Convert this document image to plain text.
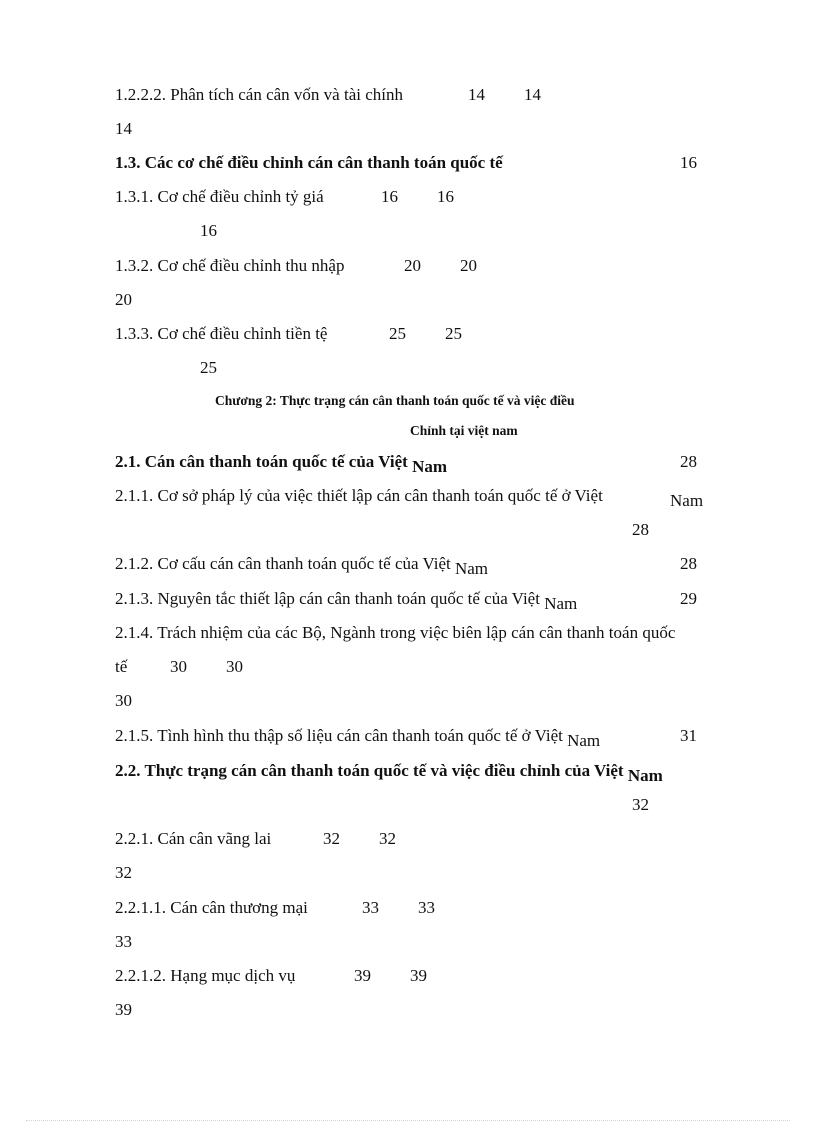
1.2.2.2. Phân tích cán cân vốn và tài chính	14 14
14
1.3. Các cơ chế điều chỉnh cán cân thanh toán quốc tế	16
1.3.1. Cơ chế điều chỉnh tỷ giá	16 16
16
1.3.2. Cơ chế điều chỉnh thu nhập	20 20
20
1.3.3. Cơ chế điều chỉnh tiền tệ	25 25
25
Chương 2: Thực trạng cán cân thanh toán quốc tế và việc điều
Chỉnh tại việt nam
2.1. Cán cân thanh toán quốc tế của Việt Nam	28
2.1.1. Cơ sở pháp lý của việc thiết lập cán cân thanh toán quốc tế ở Việt	Nam
28
2.1.2. Cơ cấu cán cân thanh toán quốc tế của Việt Nam	28
2.1.3. Nguyên tắc thiết lập cán cân thanh toán quốc tế của Việt Nam	29
2.1.4. Trách nhiệm của các Bộ, Ngành trong việc biên lập cán cân thanh toán quốc
tế	30 30
30
2.1.5. Tình hình thu thập số liệu cán cân thanh toán quốc tế ở Việt Nam	31
2.2. Thực trạng cán cân thanh toán quốc tế và việc điều chỉnh của Việt Nam
32
2.2.1. Cán cân vãng lai	32 32
32
2.2.1.1. Cán cân thương mại	33 33
33
2.2.1.2. Hạng mục dịch vụ	39 39
39
